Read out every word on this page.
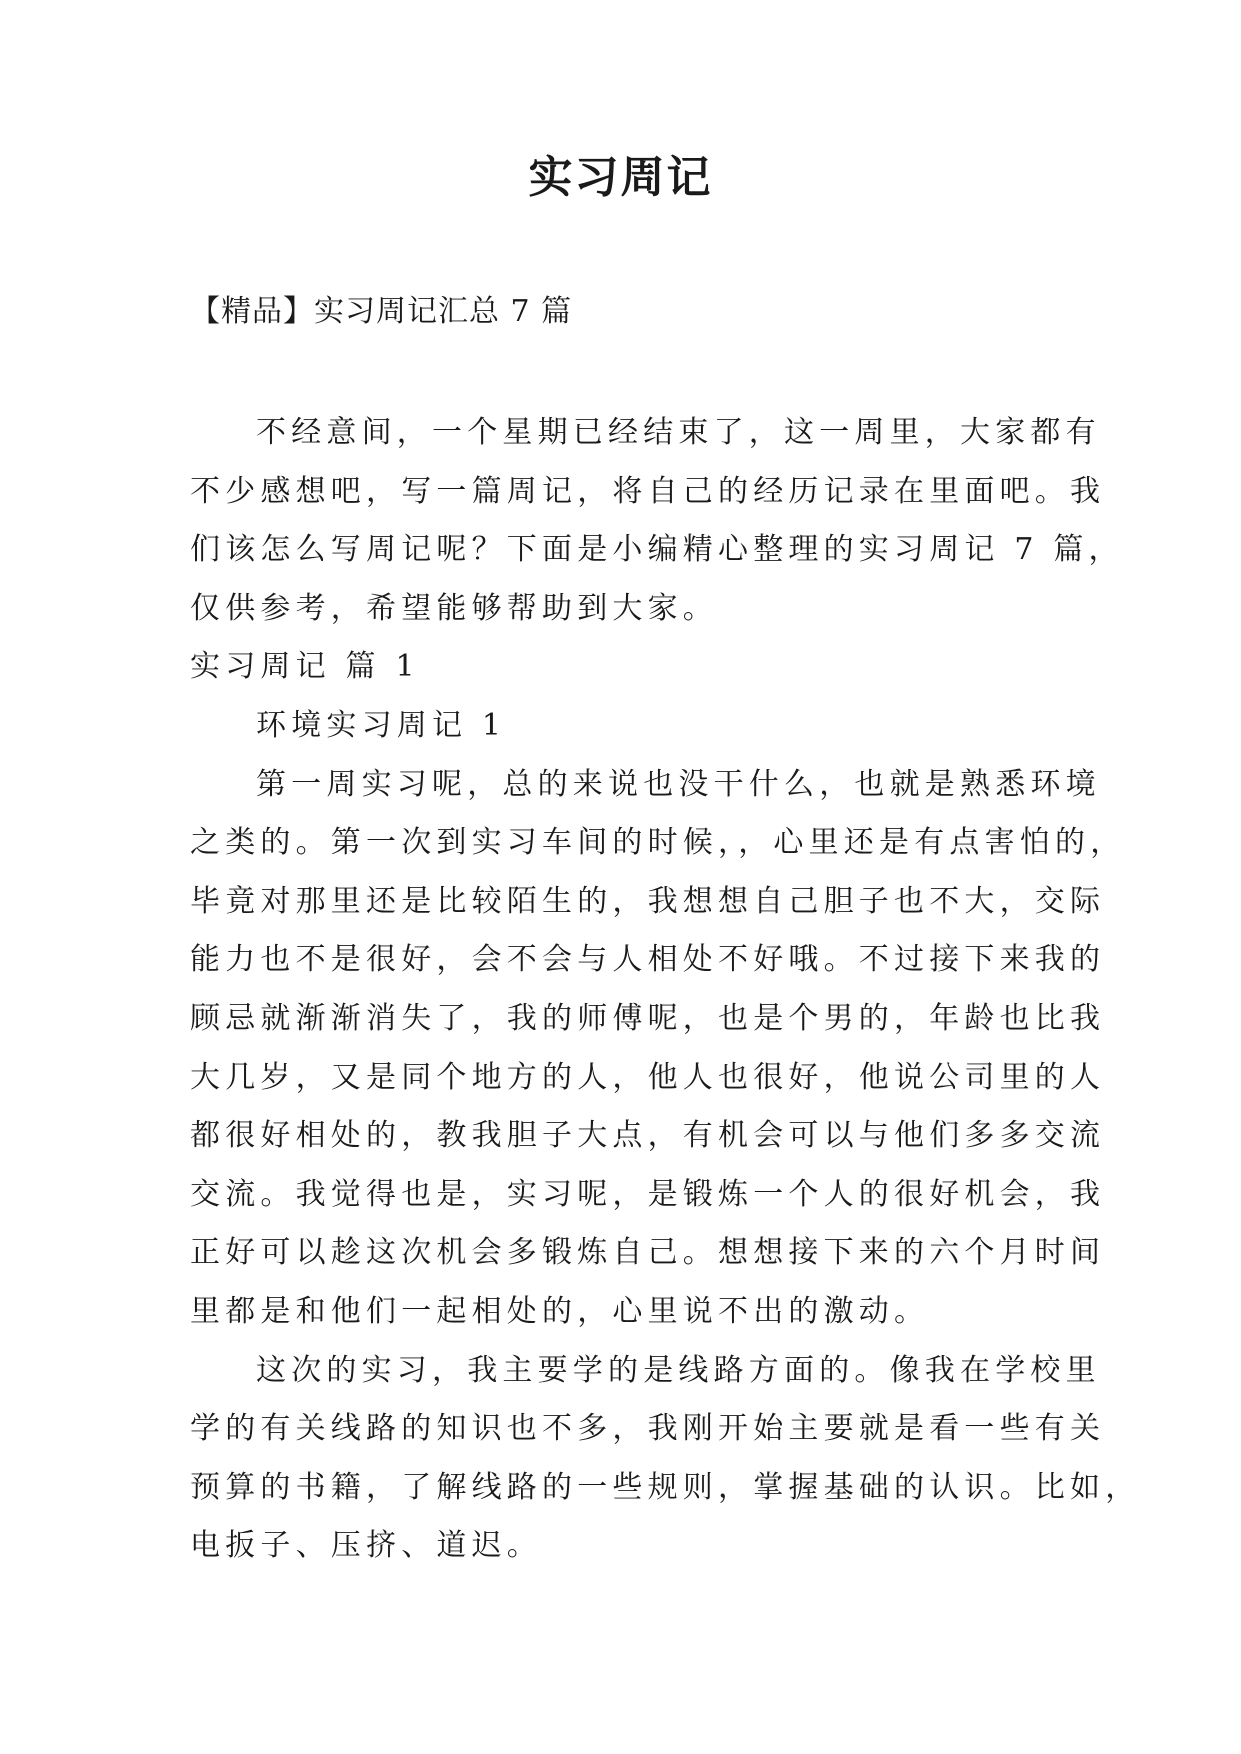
实习周记
【精品】实习周记汇总 7 篇
不经意间，一个星期已经结束了，这一周里，大家都有
不少感想吧，写一篇周记，将自己的经历记录在里面吧。我
们该怎么写周记呢？下面是小编精心整理的实习周记 7 篇，
仅供参考，希望能够帮助到大家。
实习周记 篇 1
环境实习周记 1
第一周实习呢，总的来说也没干什么，也就是熟悉环境
之类的。第一次到实习车间的时候，，心里还是有点害怕的，
毕竟对那里还是比较陌生的，我想想自己胆子也不大，交际
能力也不是很好，会不会与人相处不好哦。不过接下来我的
顾忌就渐渐消失了，我的师傅呢，也是个男的，年龄也比我
大几岁，又是同个地方的人，他人也很好，他说公司里的人
都很好相处的，教我胆子大点，有机会可以与他们多多交流
交流。我觉得也是，实习呢，是锻炼一个人的很好机会，我
正好可以趁这次机会多锻炼自己。想想接下来的六个月时间
里都是和他们一起相处的，心里说不出的激动。
这次的实习，我主要学的是线路方面的。像我在学校里
学的有关线路的知识也不多，我刚开始主要就是看一些有关
预算的书籍，了解线路的一些规则，掌握基础的认识。比如，
电扳子、压挤、道迟。
